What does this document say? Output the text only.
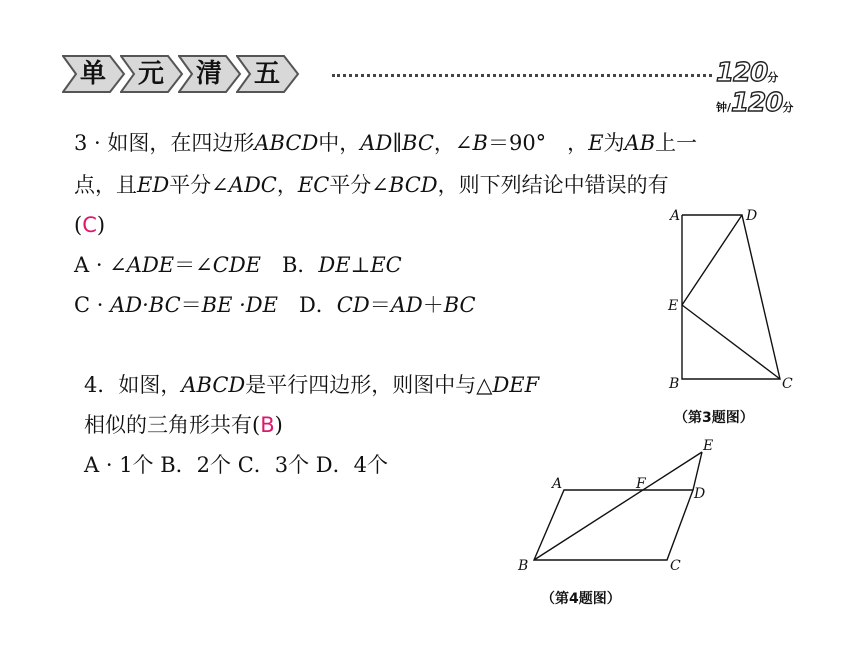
单 元 清 五	120分钟/120分
3 · 如图，在四边形ABCD中，AD∥BC，∠B＝90°　，E为AB上一
点，且ED平分∠ADC，EC平分∠BCD，则下列结论中错误的有
(C)
A · ∠ADE＝∠CDE　 B．DE⊥EC
C · AD·BC＝BE ·DE　 D．CD＝AD＋BC
A	D
E
B	C
（第3题图）
4．如图，ABCD是平行四边形，则图中与△DEF
相似的三角形共有(B)
A · 1个 B．2个 C．3个 D．4个
A	F
E
D
B	C
（第4题图）
